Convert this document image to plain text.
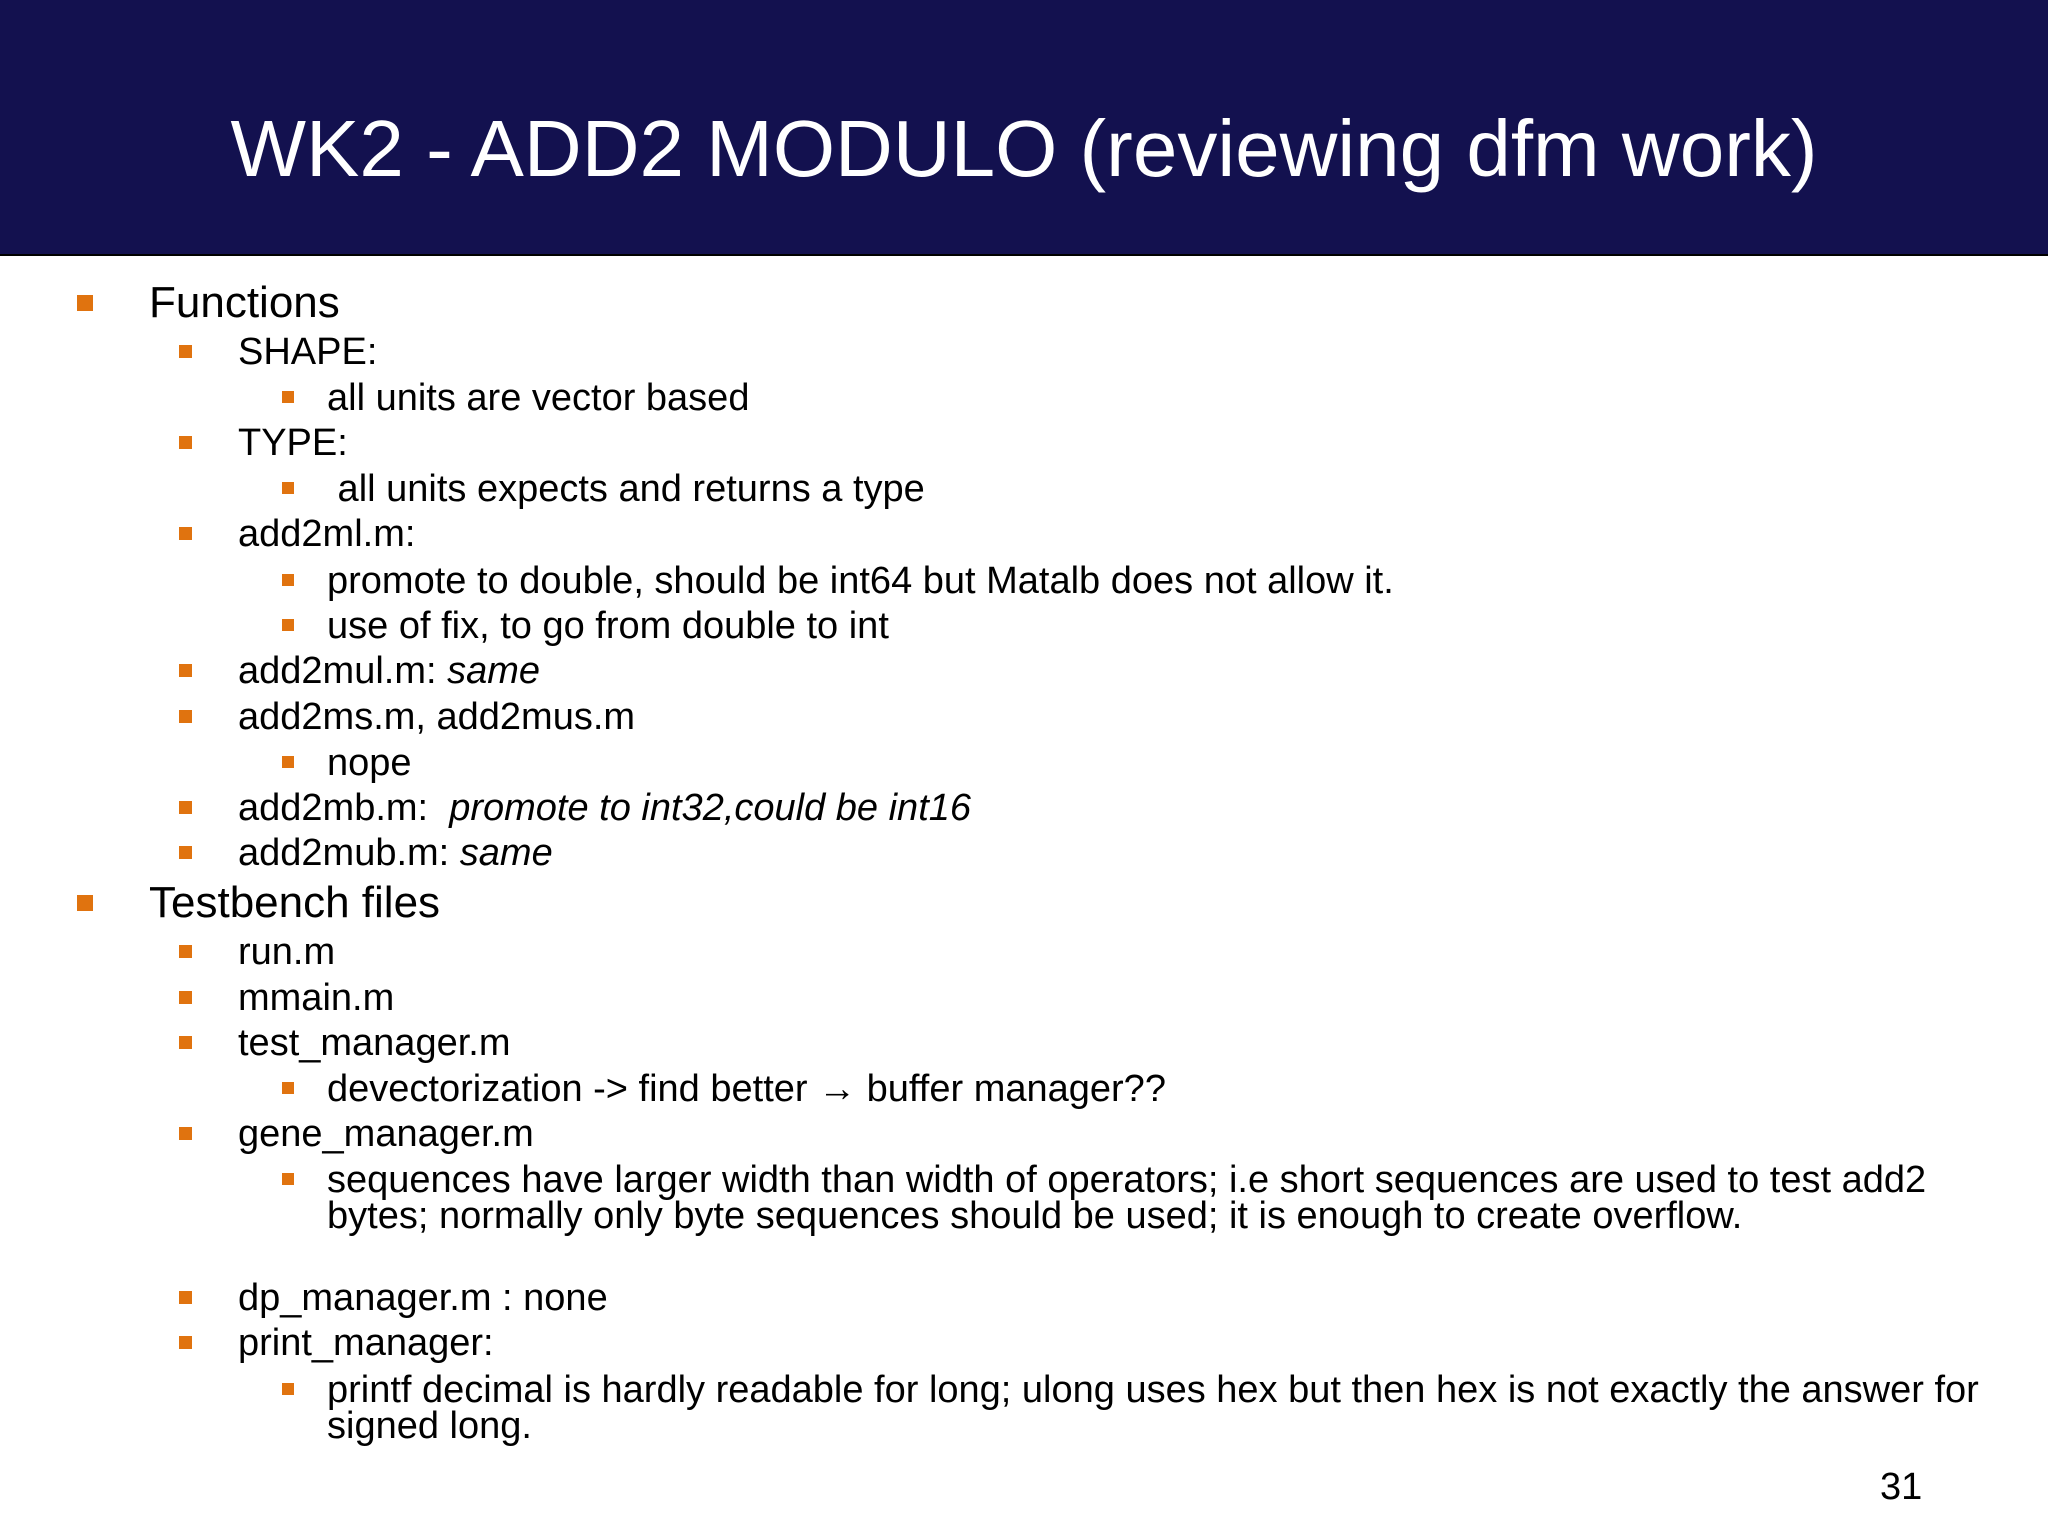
WK2 - ADD2 MODULO (reviewing dfm work)
Functions
SHAPE:
all units are vector based
TYPE:
all units expects and returns a type
add2ml.m:
promote to double, should be int64 but Matalb does not allow it.
use of fix, to go from double to int
add2mul.m: same
add2ms.m, add2mus.m
nope
add2mb.m:  promote to int32,could be int16
add2mub.m: same
Testbench files
run.m
mmain.m
test_manager.m
devectorization -> find better → buffer manager??
gene_manager.m
sequences have larger width than width of operators; i.e short sequences are used to test add2 bytes; normally only byte sequences should be used; it is enough to create overflow.
dp_manager.m : none
print_manager:
printf decimal is hardly readable for long; ulong uses hex but then hex is not exactly the answer for signed long.
31
